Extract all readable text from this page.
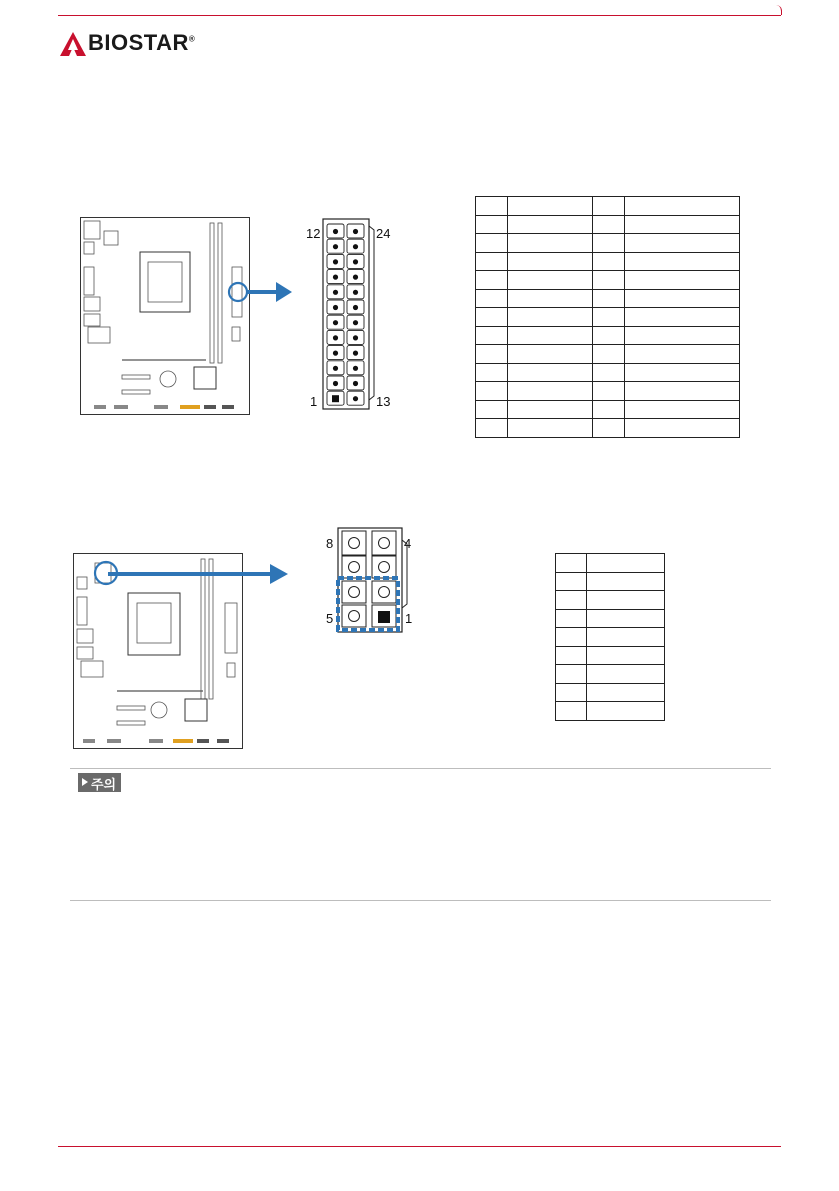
BIOSTAR®
12	24
1	13

8	4
5	1

주의
